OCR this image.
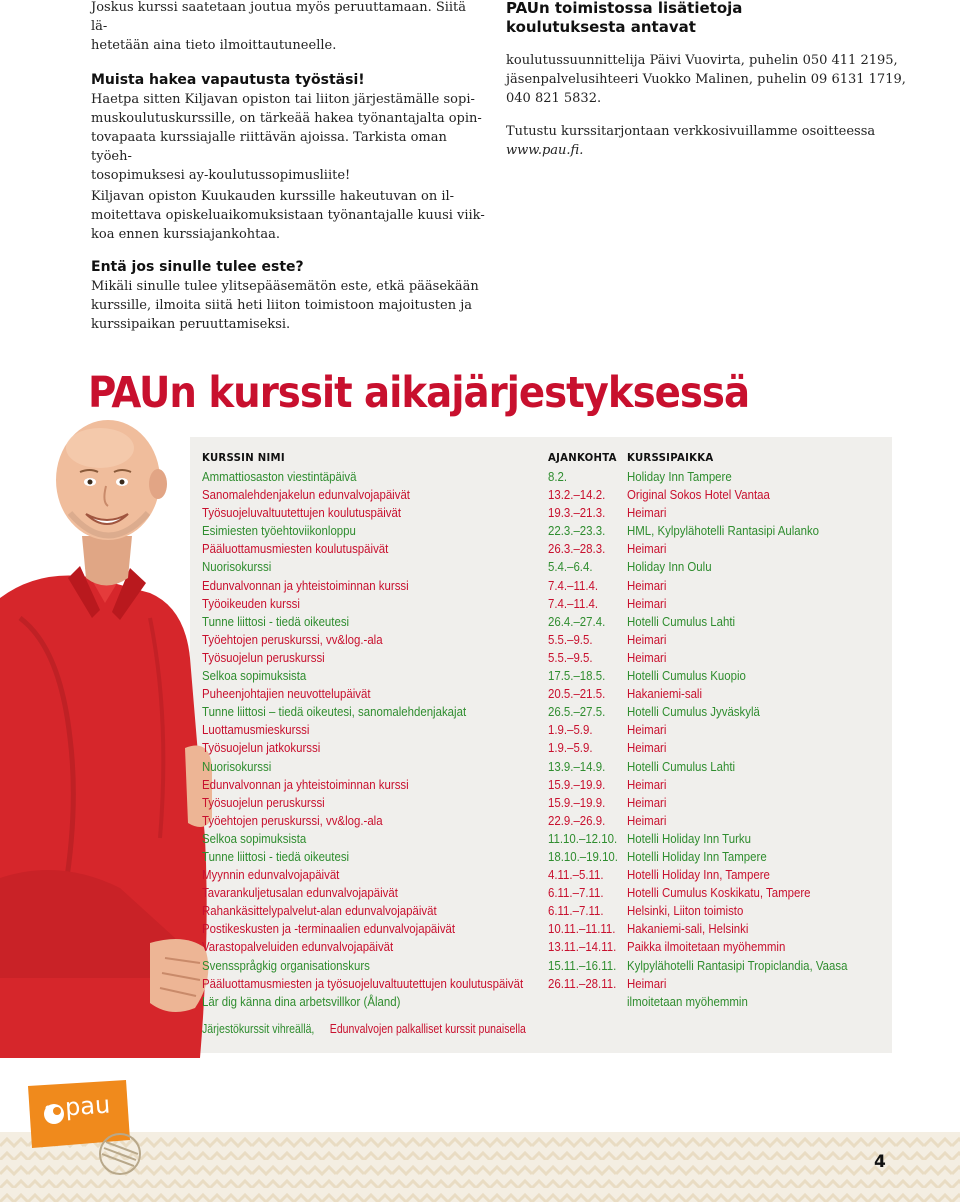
Joskus kurssi saatetaan joutua myös peruuttamaan. Siitä lä-
hetetään aina tieto ilmoittautuneelle.
Muista hakea vapautusta työstäsi!
Haetpa sitten Kiljavan opiston tai liiton järjestämälle sopi-
muskoulutuskurssille, on tärkeää hakea työnantajalta opin-
tovapaata kurssiajalle riittävän ajoissa. Tarkista oman työeh-
tosopimuksesi ay-koulutussopimusliite!
Kiljavan opiston Kuukauden kurssille hakeutuvan on il-
moitettava opiskeluaikomuksistaan työnantajalle kuusi viik-
koa ennen kurssiajankohtaa.
Entä jos sinulle tulee este?
Mikäli sinulle tulee ylitsepääsemätön este, etkä pääsekään
kurssille, ilmoita siitä heti liiton toimistoon majoitusten ja
kurssipaikan peruuttamiseksi.
PAUn toimistossa lisätietoja
koulutuksesta antavat
koulutussuunnittelija Päivi Vuovirta, puhelin 050 411 2195,
jäsenpalvelusihteeri Vuokko Malinen, puhelin 09 6131 1719,
040 821 5832.
Tutustu kurssitarjontaan verkkosivuillamme osoitteessa
www.pau.fi.
PAUn kurssit aikajärjestyksessä
KURSSIN NIMI
Ammattiosaston viestintäpäivä
Sanomalehdenjakelun edunvalvojapäivät
Työsuojeluvaltuutettujen koulutuspäivät
Esimiesten työehtoviikonloppu
Pääluottamusmiesten koulutuspäivät
Nuorisokurssi
Edunvalvonnan ja yhteistoiminnan kurssi
Työoikeuden kurssi
Tunne liittosi - tiedä oikeutesi
Työehtojen peruskurssi, vv&log.-ala
Työsuojelun peruskurssi
Selkoa sopimuksista
Puheenjohtajien neuvottelupäivät
Tunne liittosi – tiedä oikeutesi, sanomalehdenjakajat
Luottamusmieskurssi
Työsuojelun jatkokurssi
Nuorisokurssi
Edunvalvonnan ja yhteistoiminnan kurssi
Työsuojelun peruskurssi
Työehtojen peruskurssi, vv&log.-ala
Selkoa sopimuksista
Tunne liittosi - tiedä oikeutesi
Myynnin edunvalvojapäivät
Tavarankuljetusalan edunvalvojapäivät
Rahankäsittelypalvelut-alan edunvalvojapäivät
Postikeskusten ja -terminaalien edunvalvojapäivät
Varastopalveluiden edunvalvojapäivät
Svenssprågkig organisationskurs
Pääluottamusmiesten ja työsuojeluvaltuutettujen koulutuspäivät
Lär dig känna dina arbetsvillkor (Åland)
AJANKOHTA
8.2.
13.2.–14.2.
19.3.–21.3.
22.3.–23.3.
26.3.–28.3.
5.4.–6.4.
7.4.–11.4.
7.4.–11.4.
26.4.–27.4.
5.5.–9.5.
5.5.–9.5.
17.5.–18.5.
20.5.–21.5.
26.5.–27.5.
1.9.–5.9.
1.9.–5.9.
13.9.–14.9.
15.9.–19.9.
15.9.–19.9.
22.9.–26.9.
11.10.–12.10.
18.10.–19.10.
4.11.–5.11.
6.11.–7.11.
6.11.–7.11.
10.11.–11.11.
13.11.–14.11.
15.11.–16.11.
26.11.–28.11.
KURSSIPAIKKA
Holiday Inn Tampere
Original Sokos Hotel Vantaa
Heimari
HML, Kylpylähotelli Rantasipi Aulanko
Heimari
Holiday Inn Oulu
Heimari
Heimari
Hotelli Cumulus Lahti
Heimari
Heimari
Hotelli Cumulus Kuopio
Hakaniemi-sali
Hotelli Cumulus Jyväskylä
Heimari
Heimari
Hotelli Cumulus Lahti
Heimari
Heimari
Heimari
Hotelli Holiday Inn Turku
Hotelli Holiday Inn Tampere
Hotelli Holiday Inn, Tampere
Hotelli Cumulus Koskikatu, Tampere
Helsinki, Liiton toimisto
Hakaniemi-sali, Helsinki
Paikka ilmoitetaan myöhemmin
Kylpylähotelli Rantasipi Tropiclandia, Vaasa
Heimari
ilmoitetaan myöhemmin
Järjestökurssit vihreällä, Edunvalvojen palkalliset kurssit punaisella
pau
4
